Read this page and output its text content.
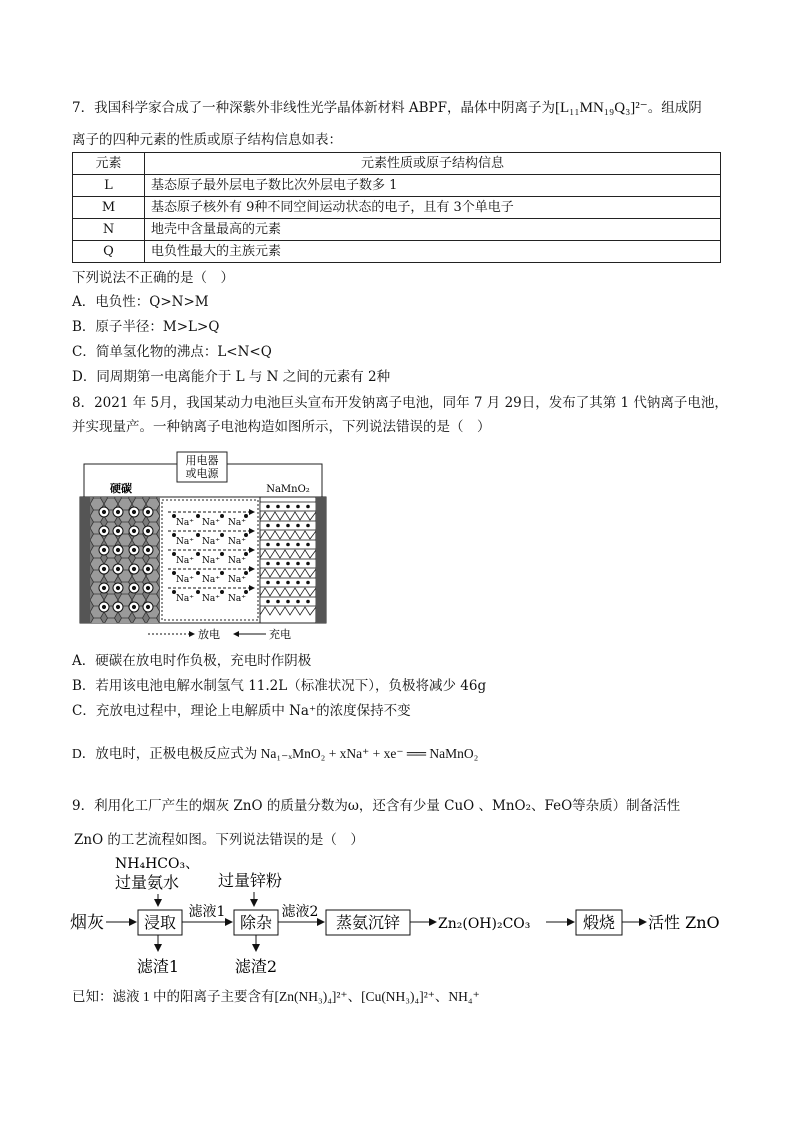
7．我国科学家合成了一种深紫外非线性光学晶体新材料 ABPF，晶体中阴离子为[L₁₁MN₁₉Q₃]²⁻。组成阴
离子的四种元素的性质或原子结构信息如表：
元素	元素性质或原子结构信息
L	基态原子最外层电子数比次外层电子数多 1
M	基态原子核外有 9种不同空间运动状态的电子，且有 3个单电子
N	地壳中含量最高的元素
Q	电负性最大的主族元素
下列说法不正确的是（　）
A．电负性：Q>N>M
B．原子半径：M>L>Q
C．简单氢化物的沸点：L<N<Q
D．同周期第一电离能介于 L 与 N 之间的元素有 2种
8．2021 年 5月，我国某动力电池巨头宣布开发钠离子电池，同年 7 月 29日，发布了其第 1 代钠离子电池，
并实现量产。一种钠离子电池构造如图所示，下列说法错误的是（　）
用电器
或电源
硬碳	NaMnO₂
Na⁺ Na⁺ Na⁺
放电	充电
A．硬碳在放电时作负极，充电时作阴极
B．若用该电池电解水制氢气 11.2L（标准状况下），负极将减少 46g
C．充放电过程中，理论上电解质中 Na⁺的浓度保持不变
D．放电时，正极电极反应式为 Na₁₋ₓMnO₂ + xNa⁺ + xe⁻ ══ NaMnO₂
9．利用化工厂产生的烟灰 ZnO 的质量分数为ω，还含有少量 CuO 、MnO₂、FeO等杂质）制备活性
ZnO 的工艺流程如图。下列说法错误的是（　）
NH₄HCO₃、
过量氨水 过量锌粉
烟灰 浸取
滤液1
除杂
滤液2
蒸氨沉锌	Zn₂(OH)₂CO₃	煅烧 活性 ZnO
滤渣1	滤渣2
已知：滤液 1 中的阳离子主要含有[Zn(NH₃)₄]²⁺、[Cu(NH₃)₄]²⁺、NH₄⁺
